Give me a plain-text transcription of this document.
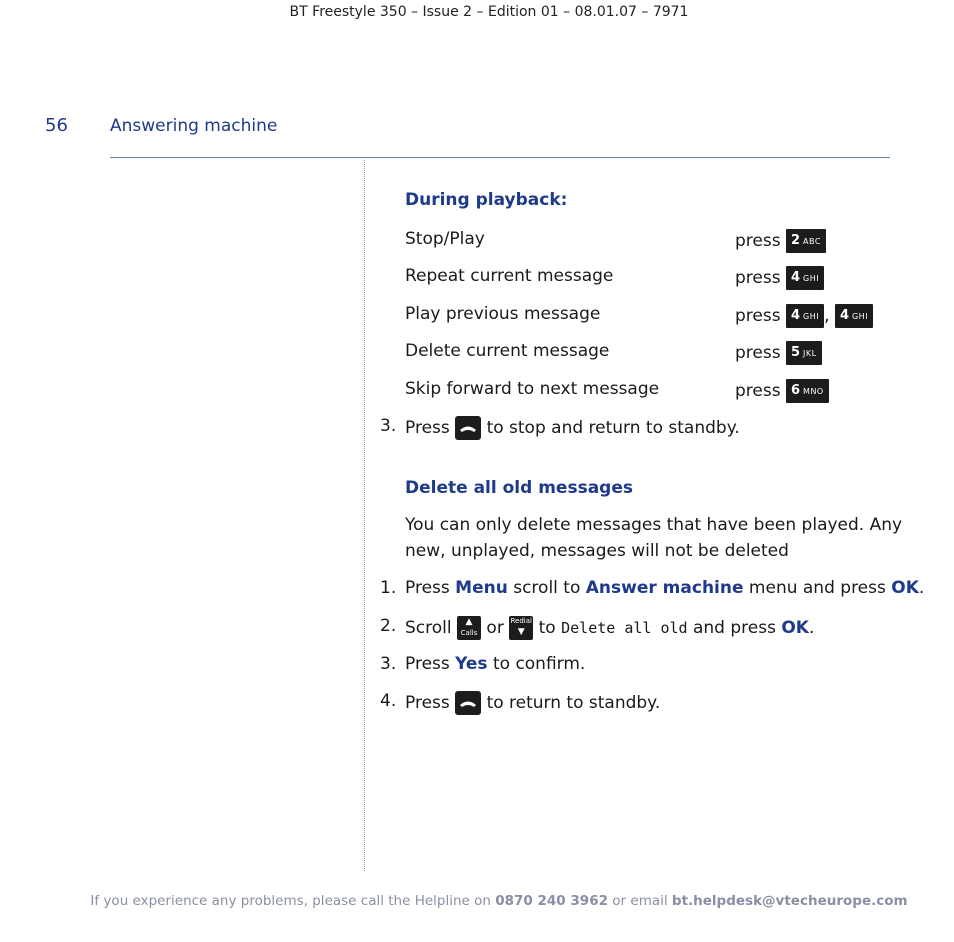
BT Freestyle 350 – Issue 2 – Edition 01 – 08.01.07 – 7971
56 Answering machine
During playback:
Stop/Play	press 2 ABC
Repeat current message	press 4 GHI
Play previous message	press 4 GHI , 4 GHI
Delete current message	press 5 JKL
Skip forward to next message	press 6 MNO
3. Press to stop and return to standby.
Delete all old messages
You can only delete messages that have been played. Any
new, unplayed, messages will not be deleted
1. Press Menu scroll to Answer machine menu and press OK.
2. Scroll	▲
Calls or Redial
▼ to Delete all old and press OK.
3. Press Yes to confirm.
4. Press to return to standby.
If you experience any problems, please call the Helpline on 0870 240 3962 or email bt.helpdesk@vtecheurope.com
